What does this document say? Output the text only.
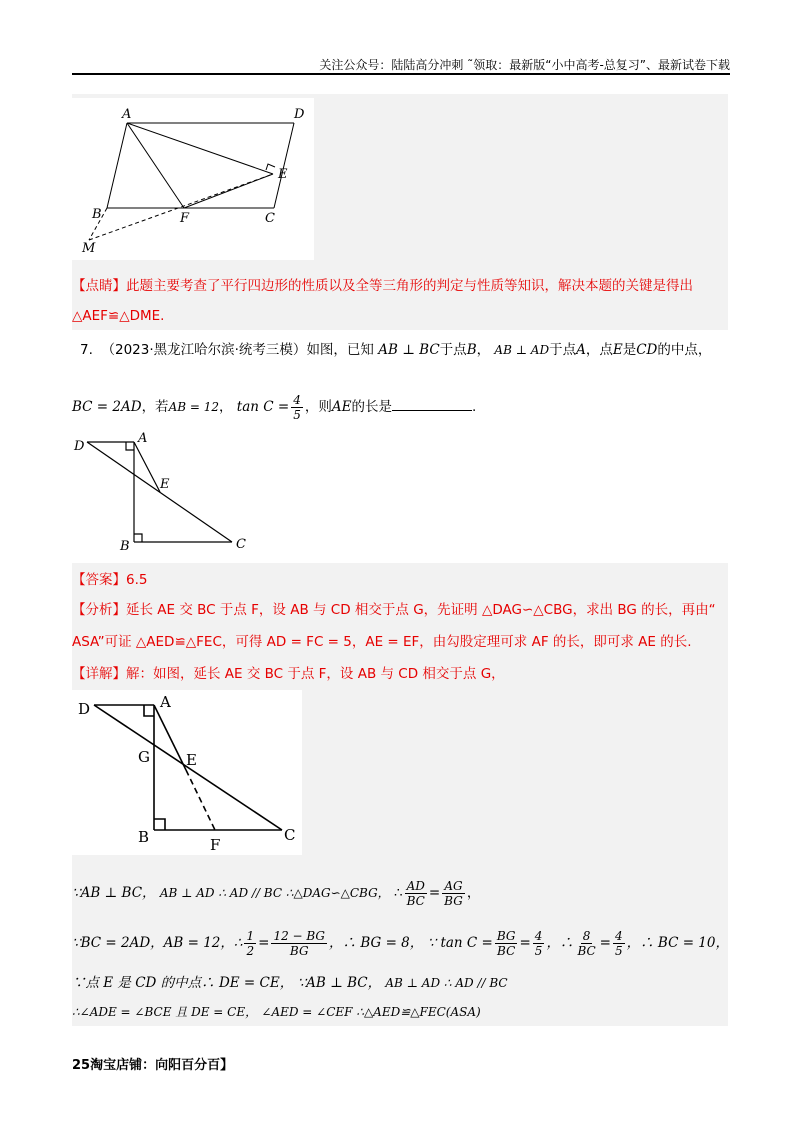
关注公众号：陆陆高分冲刺 ˜领取：最新版“小中高考-总复习”、最新试卷下载
A	D
E
B	F	C
M
【点睛】此题主要考查了平行四边形的性质以及全等三角形的判定与性质等知识，解决本题的关键是得出
△AEF≌△DME.
7. （2023·黑龙江哈尔滨·统考三模）如图，已知 AB ⊥ BC于点B， AB ⊥ AD于点A，点E是CD的中点，
BC = 2AD，若AB = 12， $\tan C = \frac{4}{5}$ ，则AE的长是	.
D
A
E
B	C
【答案】6.5
【分析】延长 AE 交 BC 于点 F，设 AB 与 CD 相交于点 G，先证明 △DAG∽△CBG，求出 BG 的长，再由“
ASA”可证 △AED≌△FEC，可得 AD = FC = 5，AE = EF，由勾股定理可求 AF 的长，即可求 AE 的长.
【详解】解：如图，延长 AE 交 BC 于点 F，设 AB 与 CD 相交于点 G，
D	A
G E
B	F
C
∵AB ⊥ BC， AB ⊥ AD ∴ AD // BC ∴△DAG∽△CBG， ∴ $\frac{AD}{BC} = \frac{AG}{BG}$ ，
∵BC = 2AD，AB = 12，∴ $\frac{1}{2} = \frac{12 - BG}{BG}$ ，∴ BG = 8， ∵ $\tan C = \frac{BG}{BC} = \frac{4}{5}$ ，∴ $\frac{8}{BC} = \frac{4}{5}$ ，∴ BC = 10，
∵点 E 是 CD 的中点∴ DE = CE， ∵AB ⊥ BC， AB ⊥ AD ∴ AD // BC
∴∠ADE = ∠BCE 且 DE = CE， ∠AED = ∠CEF ∴△AED≌△FEC(ASA)
25淘宝店铺：向阳百分百】
